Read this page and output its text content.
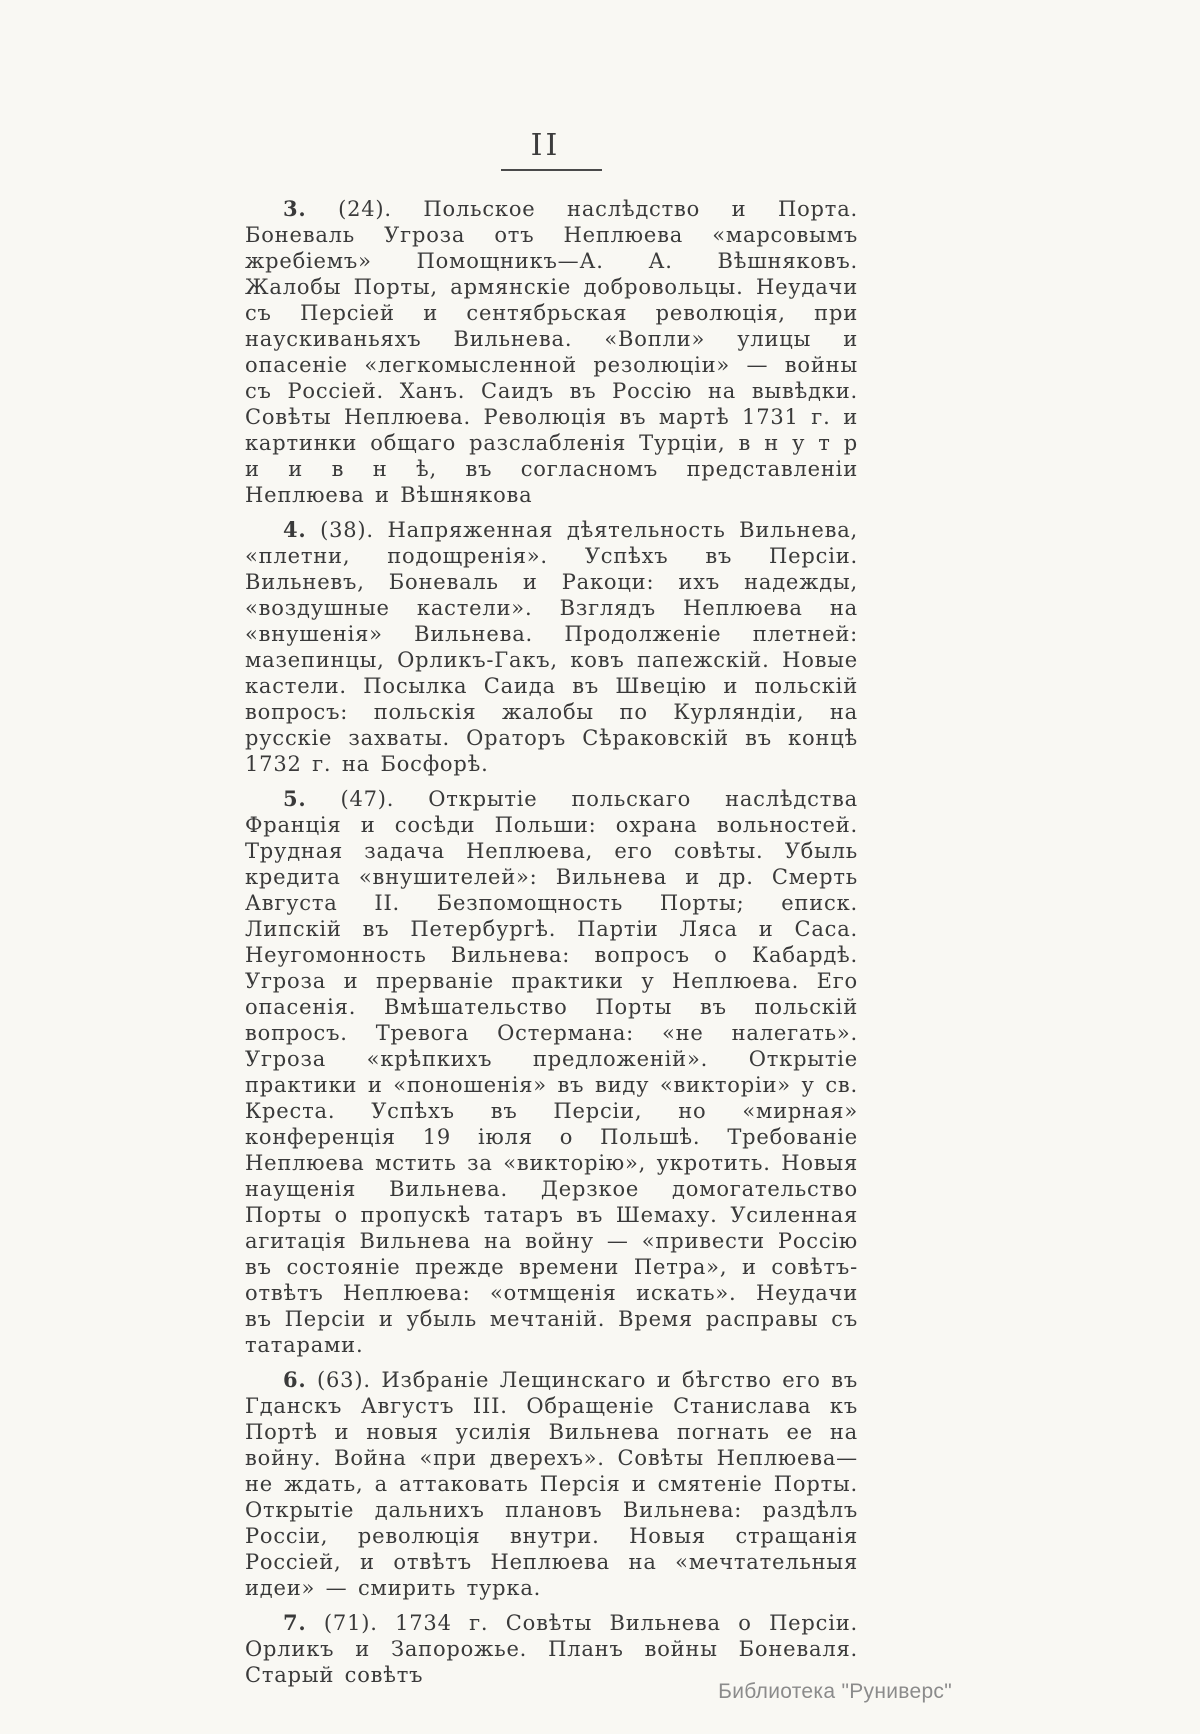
II

3. (24). Польское наслѣдство и Порта. Боневаль Угроза отъ Неплюева «марсовымъ жребіемъ» Помощникъ—А. А. Вѣшняковъ. Жалобы Порты, армянскіе добровольцы. Неудачи съ Персіей и сентябрьская революція, при наускиваньяхъ Вильнева. «Вопли» улицы и опасеніе «легкомысленной резолюціи» — войны съ Россіей. Ханъ. Саидъ въ Россію на вывѣдки. Совѣты Неплюева. Революція въ мартѣ 1731 г. и картинки общаго разслабленія Турціи, в н у т р и и в н ѣ, въ согласномъ представленіи Неплюева и Вѣшнякова

4. (38). Напряженная дѣятельность Вильнева, «плетни, подощренія». Успѣхъ въ Персіи. Вильневъ, Боневаль и Ракоци: ихъ надежды, «воздушные кастели». Взглядъ Неплюева на «внушенія» Вильнева. Продолженіе плетней: мазепинцы, Орликъ-Гакъ, ковъ папежскій. Новые кастели. Посылка Саида въ Швецію и польскій вопросъ: польскія жалобы по Курляндіи, на русскіе захваты. Ораторъ Сѣраковскій въ концѣ 1732 г. на Босфорѣ.

5. (47). Открытіе польскаго наслѣдства Франція и сосѣди Польши: охрана вольностей. Трудная задача Неплюева, его совѣты. Убыль кредита «внушителей»: Вильнева и др. Смерть Августа II. Безпомощность Порты; еписк. Липскій въ Петербургѣ. Партіи Ляса и Саса. Неугомонность Вильнева: вопросъ о Кабардѣ. Угроза и прерваніе практики у Неплюева. Его опасенія. Вмѣшательство Порты въ польскій вопросъ. Тревога Остермана: «не налегать». Угроза «крѣпкихъ предложеній». Открытіе практики и «поношенія» въ виду «викторіи» у св. Креста. Успѣхъ въ Персіи, но «мирная» конференція 19 іюля о Польшѣ. Требованіе Неплюева мстить за «викторію», укротить. Новыя наущенія Вильнева. Дерзкое домогательство Порты о пропускѣ татаръ въ Шемаху. Усиленная агитація Вильнева на войну — «привести Россію въ состояніе прежде времени Петра», и совѣтъ-отвѣтъ Неплюева: «отмщенія искать». Неудачи въ Персіи и убыль мечтаній. Время расправы съ татарами.

6. (63). Избраніе Лещинскаго и бѣгство его въ Гданскъ Августъ III. Обращеніе Станислава къ Портѣ и новыя усилія Вильнева погнать ее на войну. Война «при дверехъ». Совѣты Неплюева—не ждать, а аттаковать Персія и смятеніе Порты. Открытіе дальнихъ плановъ Вильнева: раздѣлъ Россіи, революція внутри. Новыя стращанія Россіей, и отвѣтъ Неплюева на «мечтательныя идеи» — смирить турка.

7. (71). 1734 г. Совѣты Вильнева о Персіи. Орликъ и Запорожье. Планъ войны Боневаля. Старый совѣтъ

Библиотека "Руниверс"
